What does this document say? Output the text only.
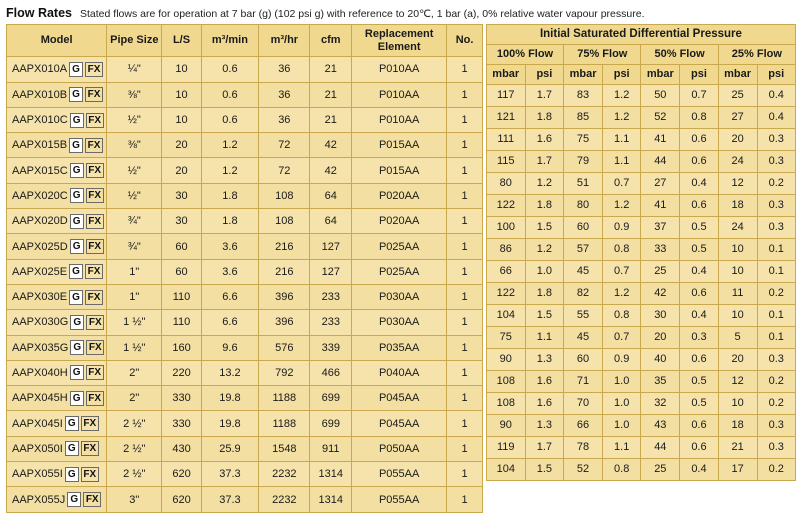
Flow Rates Stated flows are for operation at 7 bar (g) (102 psi g) with reference to 20℃, 1 bar (a), 0% relative water vapour pressure.
Model	Pipe Size	L/S	m³/min	m³/hr	cfm	Replacement Element	No.

AAPX010A G FX	¼"	10	0.6	36	21	P010AA	1

AAPX010B G FX	⅜"	10	0.6	36	21	P010AA	1

AAPX010C G FX	½"	10	0.6	36	21	P010AA	1

AAPX015B G FX	⅜"	20	1.2	72	42	P015AA	1

AAPX015C G FX	½"	20	1.2	72	42	P015AA	1

AAPX020C G FX	½"	30	1.8	108	64	P020AA	1

AAPX020D G FX	¾"	30	1.8	108	64	P020AA	1

AAPX025D G FX	¾"	60	3.6	216	127	P025AA	1

AAPX025E G FX	1"	60	3.6	216	127	P025AA	1

AAPX030E G FX	1"	110	6.6	396	233	P030AA	1

AAPX030G G FX	1 ½"	110	6.6	396	233	P030AA	1

AAPX035G G FX	1 ½"	160	9.6	576	339	P035AA	1

AAPX040H G FX	2"	220	13.2	792	466	P040AA	1

AAPX045H G FX	2"	330	19.8	1188	699	P045AA	1

AAPX045I G FX	2 ½"	330	19.8	1188	699	P045AA	1

AAPX050I G FX	2 ½"	430	25.9	1548	911	P050AA	1

AAPX055I G FX	2 ½"	620	37.3	2232	1314	P055AA	1

AAPX055J G FX	3"	620	37.3	2232	1314	P055AA	1
Initial Saturated Differential Pressure							
100% Flow		75% Flow		50% Flow		25% Flow	
mbar	psi	mbar	psi	mbar	psi	mbar	psi
117	1.7	83	1.2	50	0.7	25	0.4
121	1.8	85	1.2	52	0.8	27	0.4
111	1.6	75	1.1	41	0.6	20	0.3
115	1.7	79	1.1	44	0.6	24	0.3
80	1.2	51	0.7	27	0.4	12	0.2
122	1.8	80	1.2	41	0.6	18	0.3
100	1.5	60	0.9	37	0.5	24	0.3
86	1.2	57	0.8	33	0.5	10	0.1
66	1.0	45	0.7	25	0.4	10	0.1
122	1.8	82	1.2	42	0.6	11	0.2
104	1.5	55	0.8	30	0.4	10	0.1
75	1.1	45	0.7	20	0.3	5	0.1
90	1.3	60	0.9	40	0.6	20	0.3
108	1.6	71	1.0	35	0.5	12	0.2
108	1.6	70	1.0	32	0.5	10	0.2
90	1.3	66	1.0	43	0.6	18	0.3
119	1.7	78	1.1	44	0.6	21	0.3
104	1.5	52	0.8	25	0.4	17	0.2
